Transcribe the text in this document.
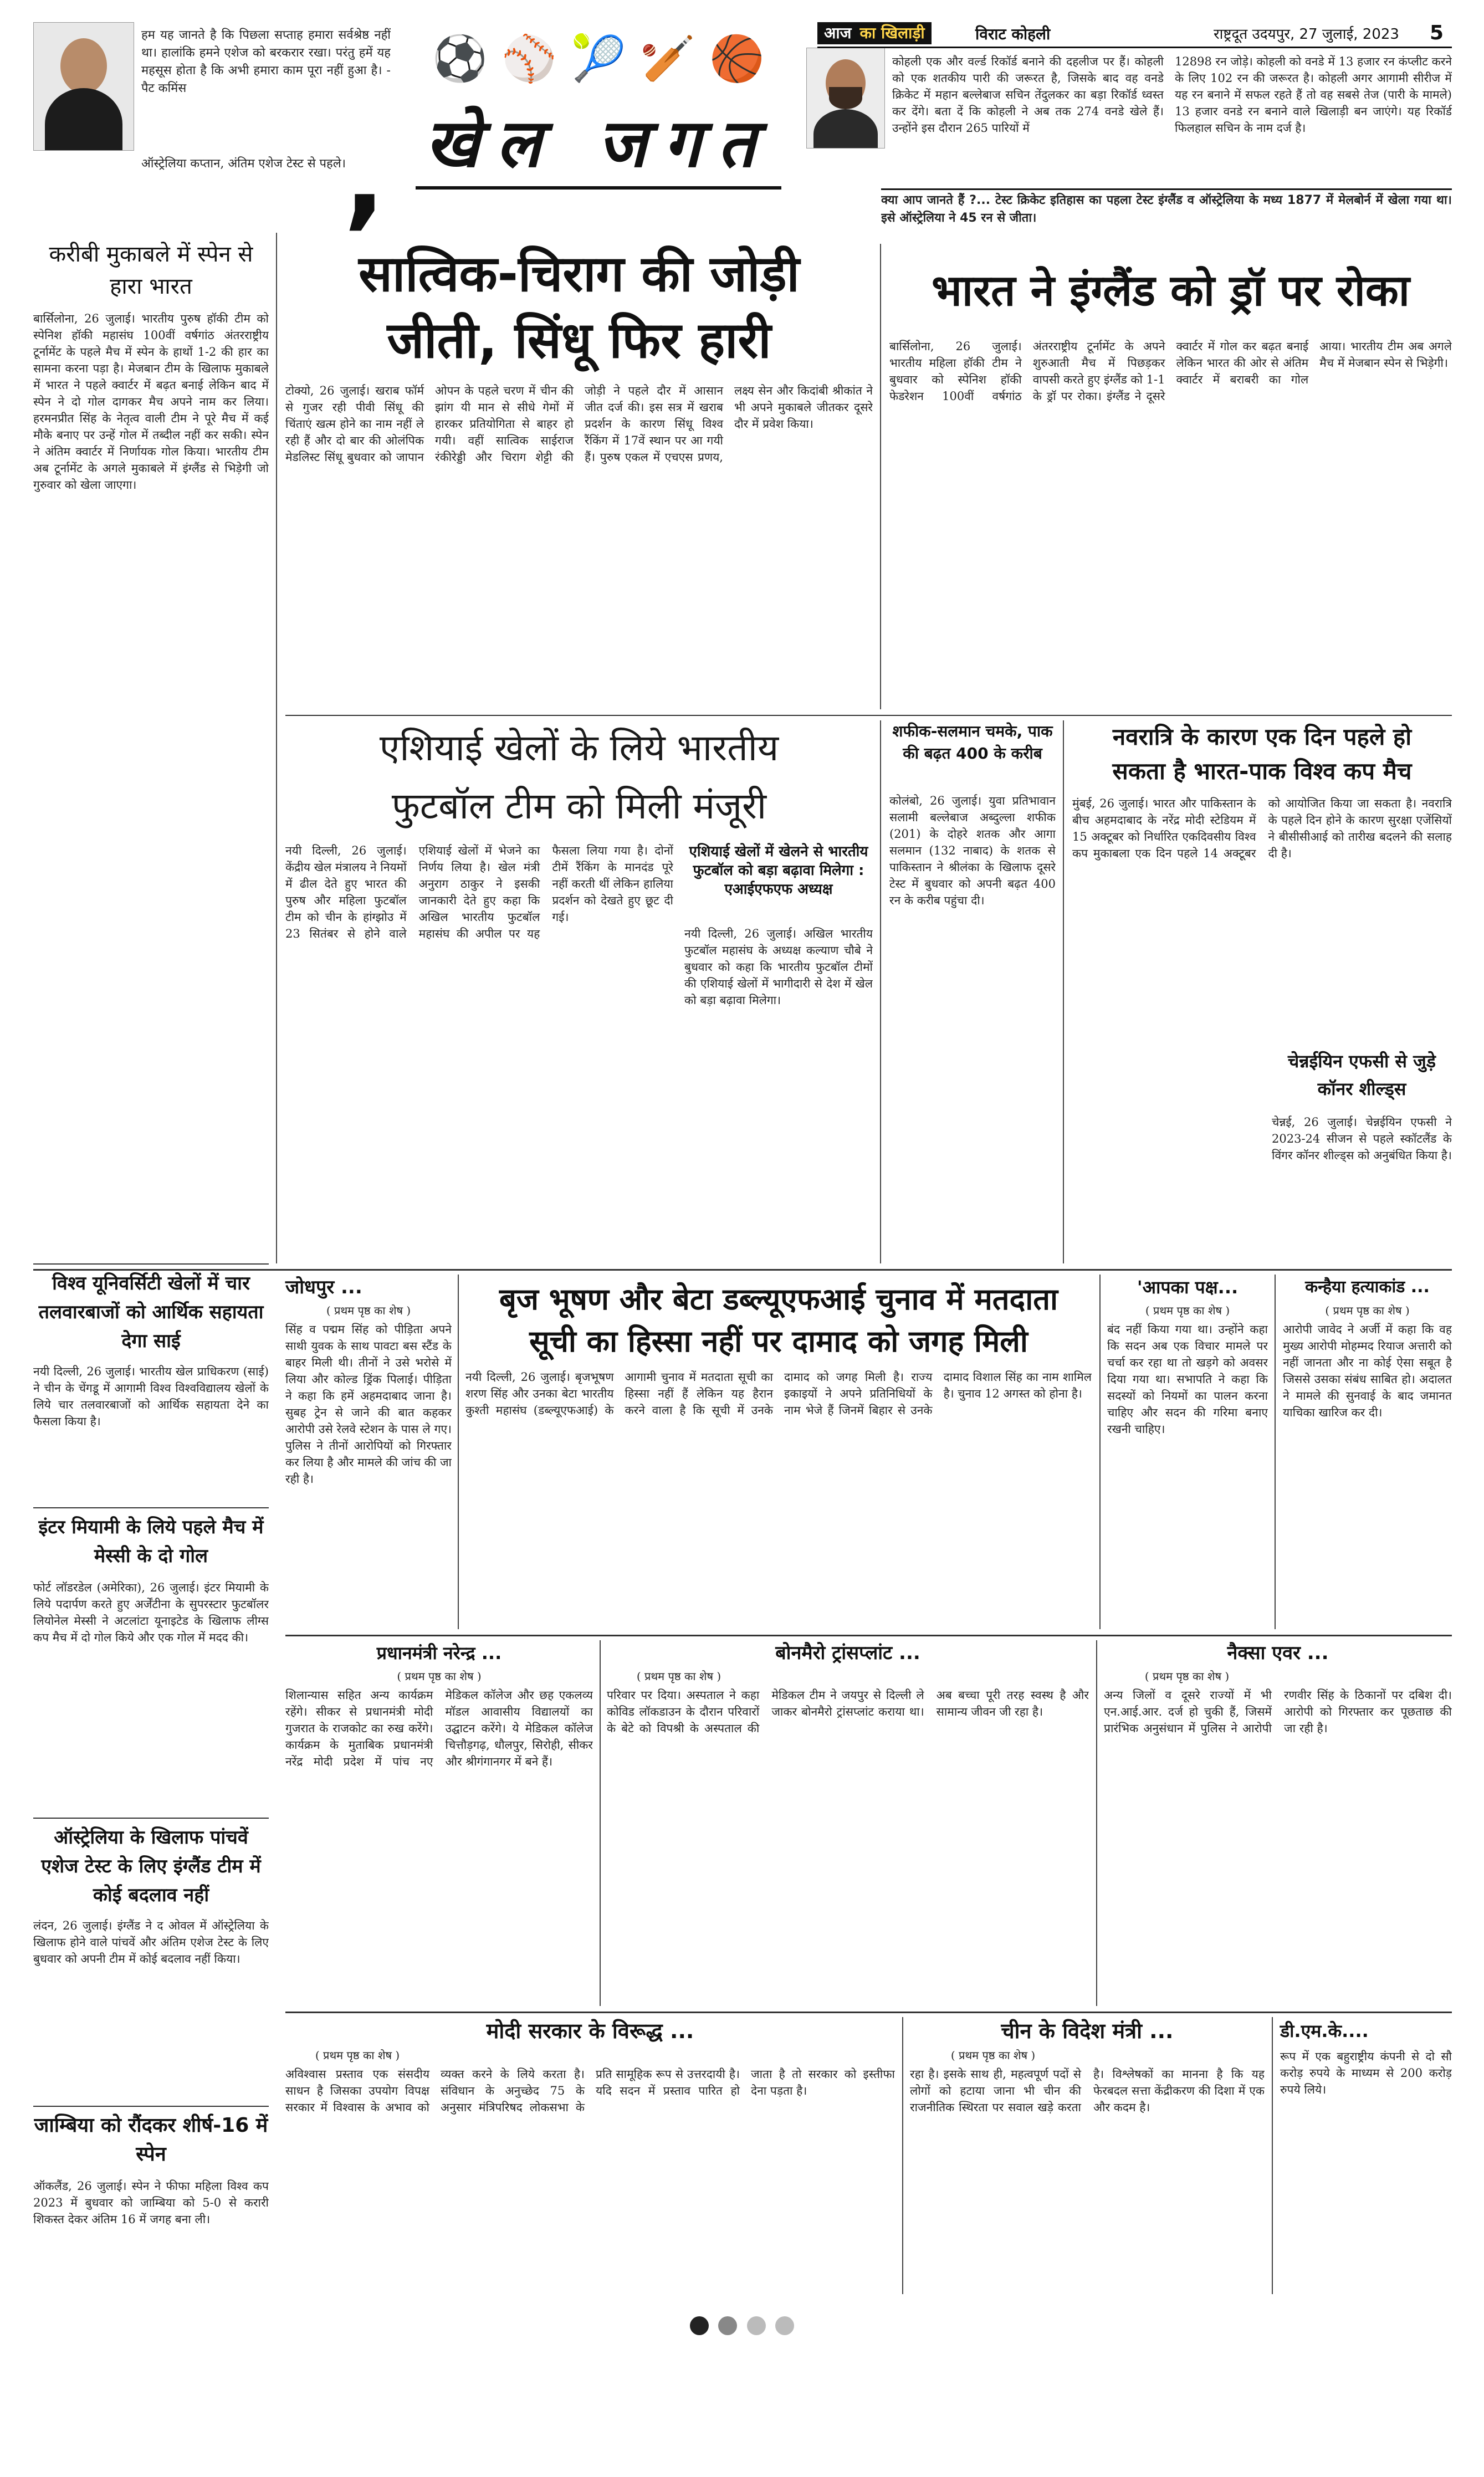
हम यह जानते है कि पिछला सप्ताह हमारा सर्वश्रेष्ठ नहीं था। हालांकि हमने एशेज को बरकरार रखा। परंतु हमें यह महसूस होता है कि अभी हमारा काम पूरा नहीं हुआ है। - पैट कमिंस
ऑस्ट्रेलिया कप्तान, अंतिम एशेज टेस्ट से पहले।
⚽ ⚾ 🎾 🏏 🏀
खेल जगत
,
आज का खिलाड़ी	विराट कोहली	राष्ट्रदूत उदयपुर, 27 जुलाई, 2023 5
कोहली एक और वर्ल्ड रिकॉर्ड बनाने की दहलीज पर हैं। कोहली को एक शतकीय पारी की जरूरत है, जिसके बाद वह वनडे क्रिकेट में महान बल्लेबाज सचिन तेंदुलकर का बड़ा रिकॉर्ड ध्वस्त कर देंगे। बता दें कि कोहली ने अब तक 274 वनडे खेले हैं। उन्होंने इस दौरान 265 पारियों में
12898 रन जोड़े। कोहली को वनडे में 13 हजार रन कंप्लीट करने के लिए 102 रन की जरूरत है। कोहली अगर आगामी सीरीज में यह रन बनाने में सफल रहते हैं तो वह सबसे तेज (पारी के मामले) 13 हजार वनडे रन बनाने वाले खिलाड़ी बन जाएंगे। यह रिकॉर्ड फिलहाल सचिन के नाम दर्ज है।
क्या आप जानते हैं ?... टेस्ट क्रिकेट इतिहास का पहला टेस्ट इंग्लैंड व ऑस्ट्रेलिया के मध्य 1877 में मेलबोर्न में खेला गया था। इसे ऑस्ट्रेलिया ने 45 रन से जीता।
करीबी मुकाबले में स्पेन से हारा भारत
बार्सिलोना, 26 जुलाई। भारतीय पुरुष हॉकी टीम को स्पेनिश हॉकी महासंघ 100वीं वर्षगांठ अंतरराष्ट्रीय टूर्नामेंट के पहले मैच में स्पेन के हाथों 1-2 की हार का सामना करना पड़ा है। मेजबान टीम के खिलाफ मुकाबले में भारत ने पहले क्वार्टर में बढ़त बनाई लेकिन बाद में स्पेन ने दो गोल दागकर मैच अपने नाम कर लिया। हरमनप्रीत सिंह के नेतृत्व वाली टीम ने पूरे मैच में कई मौके बनाए पर उन्हें गोल में तब्दील नहीं कर सकी। स्पेन ने अंतिम क्वार्टर में निर्णायक गोल किया। भारतीय टीम अब टूर्नामेंट के अगले मुकाबले में इंग्लैंड से भिड़ेगी जो गुरुवार को खेला जाएगा।
विश्व यूनिवर्सिटी खेलों में चार तलवारबाजों को आर्थिक सहायता देगा साई
नयी दिल्ली, 26 जुलाई। भारतीय खेल प्राधिकरण (साई) ने चीन के चेंगडू में आगामी विश्व विश्वविद्यालय खेलों के लिये चार तलवारबाजों को आर्थिक सहायता देने का फैसला किया है।
इंटर मियामी के लिये पहले मैच में मेस्सी के दो गोल
फोर्ट लॉडरडेल (अमेरिका), 26 जुलाई। इंटर मियामी के लिये पदार्पण करते हुए अर्जेंटीना के सुपरस्टार फुटबॉलर लियोनेल मेस्सी ने अटलांटा यूनाइटेड के खिलाफ लीग्स कप मैच में दो गोल किये और एक गोल में मदद की।
ऑस्ट्रेलिया के खिलाफ पांचवें एशेज टेस्ट के लिए इंग्लैंड टीम में कोई बदलाव नहीं
लंदन, 26 जुलाई। इंग्लैंड ने द ओवल में ऑस्ट्रेलिया के खिलाफ होने वाले पांचवें और अंतिम एशेज टेस्ट के लिए बुधवार को अपनी टीम में कोई बदलाव नहीं किया।
जाम्बिया को रौंदकर शीर्ष-16 में स्पेन
ऑकलैंड, 26 जुलाई। स्पेन ने फीफा महिला विश्व कप 2023 में बुधवार को जाम्बिया को 5-0 से करारी शिकस्त देकर अंतिम 16 में जगह बना ली।
सात्विक-चिराग की जोड़ी
जीती, सिंधू फिर हारी
टोक्यो, 26 जुलाई। खराब फॉर्म से गुजर रही पीवी सिंधू की चिंताएं खत्म होने का नाम नहीं ले रही हैं और दो बार की ओलंपिक मेडलिस्ट सिंधू बुधवार को जापान ओपन के पहले चरण में चीन की झांग यी मान से सीधे गेमों में हारकर प्रतियोगिता से बाहर हो गयी। वहीं सात्विक साईराज रंकीरेड्डी और चिराग शेट्टी की जोड़ी ने पहले दौर में आसान जीत दर्ज की। इस सत्र में खराब प्रदर्शन के कारण सिंधू विश्व रैंकिंग में 17वें स्थान पर आ गयी हैं। पुरुष एकल में एचएस प्रणय, लक्ष्य सेन और किदांबी श्रीकांत ने भी अपने मुकाबले जीतकर दूसरे दौर में प्रवेश किया।
भारत ने इंग्लैंड को ड्रॉ पर रोका
बार्सिलोना, 26 जुलाई। भारतीय महिला हॉकी टीम ने बुधवार को स्पेनिश हॉकी फेडरेशन 100वीं वर्षगांठ अंतरराष्ट्रीय टूर्नामेंट के अपने शुरुआती मैच में पिछड़कर वापसी करते हुए इंग्लैंड को 1-1 के ड्रॉ पर रोका। इंग्लैंड ने दूसरे क्वार्टर में गोल कर बढ़त बनाई लेकिन भारत की ओर से अंतिम क्वार्टर में बराबरी का गोल आया। भारतीय टीम अब अगले मैच में मेजबान स्पेन से भिड़ेगी।
एशियाई खेलों के लिये भारतीय
फुटबॉल टीम को मिली मंजूरी
नयी दिल्ली, 26 जुलाई। केंद्रीय खेल मंत्रालय ने नियमों में ढील देते हुए भारत की पुरुष और महिला फुटबॉल टीम को चीन के हांग्झोउ में 23 सितंबर से होने वाले एशियाई खेलों में भेजने का निर्णय लिया है। खेल मंत्री अनुराग ठाकुर ने इसकी जानकारी देते हुए कहा कि अखिल भारतीय फुटबॉल महासंघ की अपील पर यह फैसला लिया गया है। दोनों टीमें रैंकिंग के मानदंड पूरे नहीं करती थीं लेकिन हालिया प्रदर्शन को देखते हुए छूट दी गई।
एशियाई खेलों में खेलने से भारतीय फुटबॉल को बड़ा बढ़ावा मिलेगा : एआईएफएफ अध्यक्ष
नयी दिल्ली, 26 जुलाई। अखिल भारतीय फुटबॉल महासंघ के अध्यक्ष कल्याण चौबे ने बुधवार को कहा कि भारतीय फुटबॉल टीमों की एशियाई खेलों में भागीदारी से देश में खेल को बड़ा बढ़ावा मिलेगा।
शफीक-सलमान चमके, पाक की बढ़त 400 के करीब
कोलंबो, 26 जुलाई। युवा प्रतिभावान सलामी बल्लेबाज अब्दुल्ला शफीक (201) के दोहरे शतक और आगा सलमान (132 नाबाद) के शतक से पाकिस्तान ने श्रीलंका के खिलाफ दूसरे टेस्ट में बुधवार को अपनी बढ़त 400 रन के करीब पहुंचा दी।
नवरात्रि के कारण एक दिन पहले हो
सकता है भारत-पाक विश्व कप मैच
मुंबई, 26 जुलाई। भारत और पाकिस्तान के बीच अहमदाबाद के नरेंद्र मोदी स्टेडियम में 15 अक्टूबर को निर्धारित एकदिवसीय विश्व कप मुकाबला एक दिन पहले 14 अक्टूबर को आयोजित किया जा सकता है। नवरात्रि के पहले दिन होने के कारण सुरक्षा एजेंसियों ने बीसीसीआई को तारीख बदलने की सलाह दी है।
चेन्नईयिन एफसी से जुड़े कॉनर शील्ड्स
चेन्नई, 26 जुलाई। चेन्नईयिन एफसी ने 2023-24 सीजन से पहले स्कॉटलैंड के विंगर कॉनर शील्ड्स को अनुबंधित किया है।
जोधपुर ...
( प्रथम पृष्ठ का शेष )
सिंह व पद्मम सिंह को पीड़िता अपने साथी युवक के साथ पावटा बस स्टैंड के बाहर मिली थी। तीनों ने उसे भरोसे में लिया और कोल्ड ड्रिंक पिलाई। पीड़िता ने कहा कि हमें अहमदाबाद जाना है। सुबह ट्रेन से जाने की बात कहकर आरोपी उसे रेलवे स्टेशन के पास ले गए। पुलिस ने तीनों आरोपियों को गिरफ्तार कर लिया है और मामले की जांच की जा रही है।
बृज भूषण और बेटा डब्ल्यूएफआई चुनाव में मतदाता
सूची का हिस्सा नहीं पर दामाद को जगह मिली
नयी दिल्ली, 26 जुलाई। बृजभूषण शरण सिंह और उनका बेटा भारतीय कुश्ती महासंघ (डब्ल्यूएफआई) के आगामी चुनाव में मतदाता सूची का हिस्सा नहीं हैं लेकिन यह हैरान करने वाला है कि सूची में उनके दामाद को जगह मिली है। राज्य इकाइयों ने अपने प्रतिनिधियों के नाम भेजे हैं जिनमें बिहार से उनके दामाद विशाल सिंह का नाम शामिल है। चुनाव 12 अगस्त को होना है।
'आपका पक्ष...
( प्रथम पृष्ठ का शेष )
बंद नहीं किया गया था। उन्होंने कहा कि सदन अब एक विचार मामले पर चर्चा कर रहा था तो खड़गे को अवसर दिया गया था। सभापति ने कहा कि सदस्यों को नियमों का पालन करना चाहिए और सदन की गरिमा बनाए रखनी चाहिए।
कन्हैया हत्याकांड ...
( प्रथम पृष्ठ का शेष )
आरोपी जावेद ने अर्जी में कहा कि वह मुख्य आरोपी मोहम्मद रियाज अत्तारी को नहीं जानता और ना कोई ऐसा सबूत है जिससे उसका संबंध साबित हो। अदालत ने मामले की सुनवाई के बाद जमानत याचिका खारिज कर दी।
प्रधानमंत्री नरेन्द्र ...
( प्रथम पृष्ठ का शेष )
शिलान्यास सहित अन्य कार्यक्रम रहेंगे। सीकर से प्रधानमंत्री मोदी गुजरात के राजकोट का रुख करेंगे। कार्यक्रम के मुताबिक प्रधानमंत्री नरेंद्र मोदी प्रदेश में पांच नए मेडिकल कॉलेज और छह एकलव्य मॉडल आवासीय विद्यालयों का उद्घाटन करेंगे। ये मेडिकल कॉलेज चित्तौड़गढ़, धौलपुर, सिरोही, सीकर और श्रीगंगानगर में बने हैं।
बोनमैरो ट्रांसप्लांट ...
( प्रथम पृष्ठ का शेष )
परिवार पर दिया। अस्पताल ने कहा कोविड लॉकडाउन के दौरान परिवारों के बेटे को विपश्री के अस्पताल की मेडिकल टीम ने जयपुर से दिल्ली ले जाकर बोनमैरो ट्रांसप्लांट कराया था। अब बच्चा पूरी तरह स्वस्थ है और सामान्य जीवन जी रहा है।
नैक्सा एवर ...
( प्रथम पृष्ठ का शेष )
अन्य जिलों व दूसरे राज्यों में भी एन.आई.आर. दर्ज हो चुकी हैं, जिसमें प्रारंभिक अनुसंधान में पुलिस ने आरोपी रणवीर सिंह के ठिकानों पर दबिश दी। आरोपी को गिरफ्तार कर पूछताछ की जा रही है।
मोदी सरकार के विरूद्ध ...
( प्रथम पृष्ठ का शेष )
अविश्वास प्रस्ताव एक संसदीय साधन है जिसका उपयोग विपक्ष सरकार में विश्वास के अभाव को व्यक्त करने के लिये करता है। संविधान के अनुच्छेद 75 के अनुसार मंत्रिपरिषद लोकसभा के प्रति सामूहिक रूप से उत्तरदायी है। यदि सदन में प्रस्ताव पारित हो जाता है तो सरकार को इस्तीफा देना पड़ता है।
चीन के विदेश मंत्री ...
( प्रथम पृष्ठ का शेष )
रहा है। इसके साथ ही, महत्वपूर्ण पदों से लोगों को हटाया जाना भी चीन की राजनीतिक स्थिरता पर सवाल खड़े करता है। विश्लेषकों का मानना है कि यह फेरबदल सत्ता केंद्रीकरण की दिशा में एक और कदम है।
डी.एम.के....
रूप में एक बहुराष्ट्रीय कंपनी से दो सौ करोड़ रुपये के माध्यम से 200 करोड़ रुपये लिये।
